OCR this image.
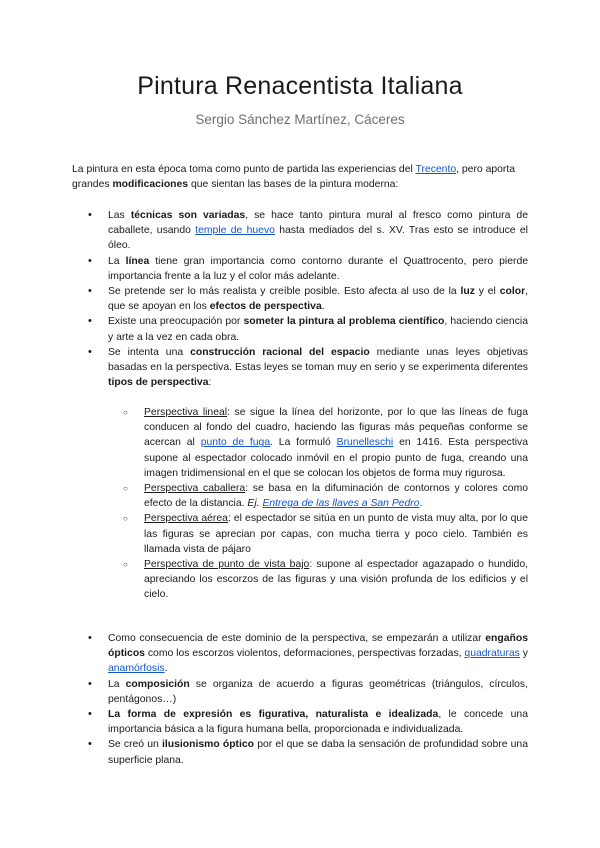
Pintura Renacentista Italiana

Sergio Sánchez Martínez, Cáceres

La pintura en esta época toma como punto de partida las experiencias del Trecento, pero aporta grandes modificaciones que sientan las bases de la pintura moderna:

• Las técnicas son variadas, se hace tanto pintura mural al fresco como pintura de caballete, usando temple de huevo hasta mediados del s. XV. Tras esto se introduce el óleo.
• La línea tiene gran importancia como contorno durante el Quattrocento, pero pierde importancia frente a la luz y el color más adelante.
• Se pretende ser lo más realista y creíble posible. Esto afecta al uso de la luz y el color, que se apoyan en los efectos de perspectiva.
• Existe una preocupación por someter la pintura al problema científico, haciendo ciencia y arte a la vez en cada obra.
• Se intenta una construcción racional del espacio mediante unas leyes objetivas basadas en la perspectiva. Estas leyes se toman muy en serio y se experimenta diferentes tipos de perspectiva:
○ Perspectiva lineal: se sigue la línea del horizonte, por lo que las líneas de fuga conducen al fondo del cuadro, haciendo las figuras más pequeñas conforme se acercan al punto de fuga. La formuló Brunelleschi en 1416. Esta perspectiva supone al espectador colocado inmóvil en el propio punto de fuga, creando una imagen tridimensional en el que se colocan los objetos de forma muy rigurosa.
○ Perspectiva caballera: se basa en la difuminación de contornos y colores como efecto de la distancia. Ej. Entrega de las llaves a San Pedro.
○ Perspectiva aérea: el espectador se sitúa en un punto de vista muy alta, por lo que las figuras se aprecian por capas, con mucha tierra y poco cielo. También es llamada vista de pájaro
○ Perspectiva de punto de vista bajo: supone al espectador agazapado o hundido, apreciando los escorzos de las figuras y una visión profunda de los edificios y el cielo.
• Como consecuencia de este dominio de la perspectiva, se empezarán a utilizar engaños ópticos como los escorzos violentos, deformaciones, perspectivas forzadas, quadraturas y anamórfosis.
• La composición se organiza de acuerdo a figuras geométricas (triángulos, círculos, pentágonos…)
• La forma de expresión es figurativa, naturalista e idealizada, le concede una importancia básica a la figura humana bella, proporcionada e individualizada.
• Se creó un ilusionismo óptico por el que se daba la sensación de profundidad sobre una superficie plana.
